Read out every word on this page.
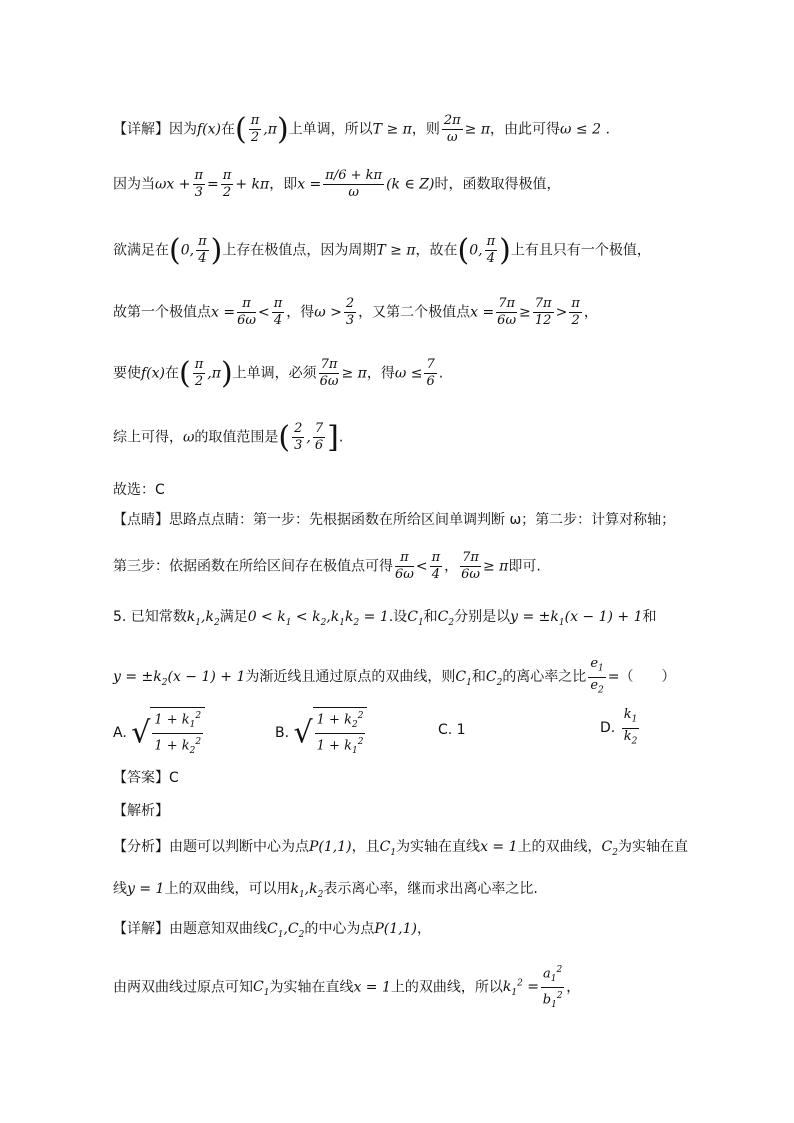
【详解】因为f(x)在( $\frac{\pi}{2} ,\pi$)上单调，所以T ≥ π，则 $\frac{2\pi}{\omega} \ge \pi$，由此可得ω ≤ 2 .
因为当$\omega x + \frac{\pi}{3} = \frac{\pi}{2} + k\pi$，即$x = \frac{\pi/6 + k\pi}{\omega} (k$ ∈ Z)时，函数取得极值，
欲满足在(0, $\frac{\pi}{4}$ )上存在极值点，因为周期T ≥ π，故在(0, $\frac{\pi}{4}$ )上有且只有一个极值，
故第一个极值点$x = \frac{\pi}{6\omega} < \frac{\pi}{4}$ ，得$\omega > \frac{2}{3}$ ，又第二个极值点$x = \frac{7\pi}{6\omega} \ge \frac{7\pi}{12} > \frac{\pi}{2}$ ，
要使f(x)在( $\frac{\pi}{2} ,\pi$)上单调，必须 $\frac{7\pi}{6\omega} \ge \pi$，得$\omega \le \frac{7}{6}$ .
综上可得，ω的取值范围是( $\frac{2}{3}$ , $\frac{7}{6}$ ].
故选：C
【点睛】思路点点睛：第一步：先根据函数在所给区间单调判断 ω；第二步：计算对称轴；
第三步：依据函数在所给区间存在极值点可得 $\frac{\pi}{6\omega} < \frac{\pi}{4}$ ， $\frac{7\pi}{6\omega} \ge \pi$即可.
5. 已知常数$k_1,k_2$满足$0 < k_1 < k_2,k_1k_2 = 1$.设$C_1$和$C_2$分别是以$y = \pm k_1(x - 1) + 1$和
$y = \pm k_2(x - 1) + 1$为渐近线且通过原点的双曲线，则$C_1$和$C_2$的离心率之比 $\frac{e_1}{e_2}$ =（　　）
A. √ $\frac{1 + k_1^2}{1 + k_2^2}$	B. √ $\frac{1 + k_2^2}{1 + k_1^2}$	C. 1	D. $\frac{k_1}{k_2}$
【答案】C
【解析】
【分析】由题可以判断中心为点P(1,1)，且$C_1$为实轴在直线x = 1上的双曲线，$C_2$为实轴在直
线y = 1上的双曲线，可以用$k_1,k_2$表示离心率，继而求出离心率之比.
【详解】由题意知双曲线$C_1,C_2$的中心为点P(1,1)，
由两双曲线过原点可知$C_1$为实轴在直线x = 1上的双曲线，所以$k_1^2 = \frac{a_1^2}{b_1^2}$ ，
